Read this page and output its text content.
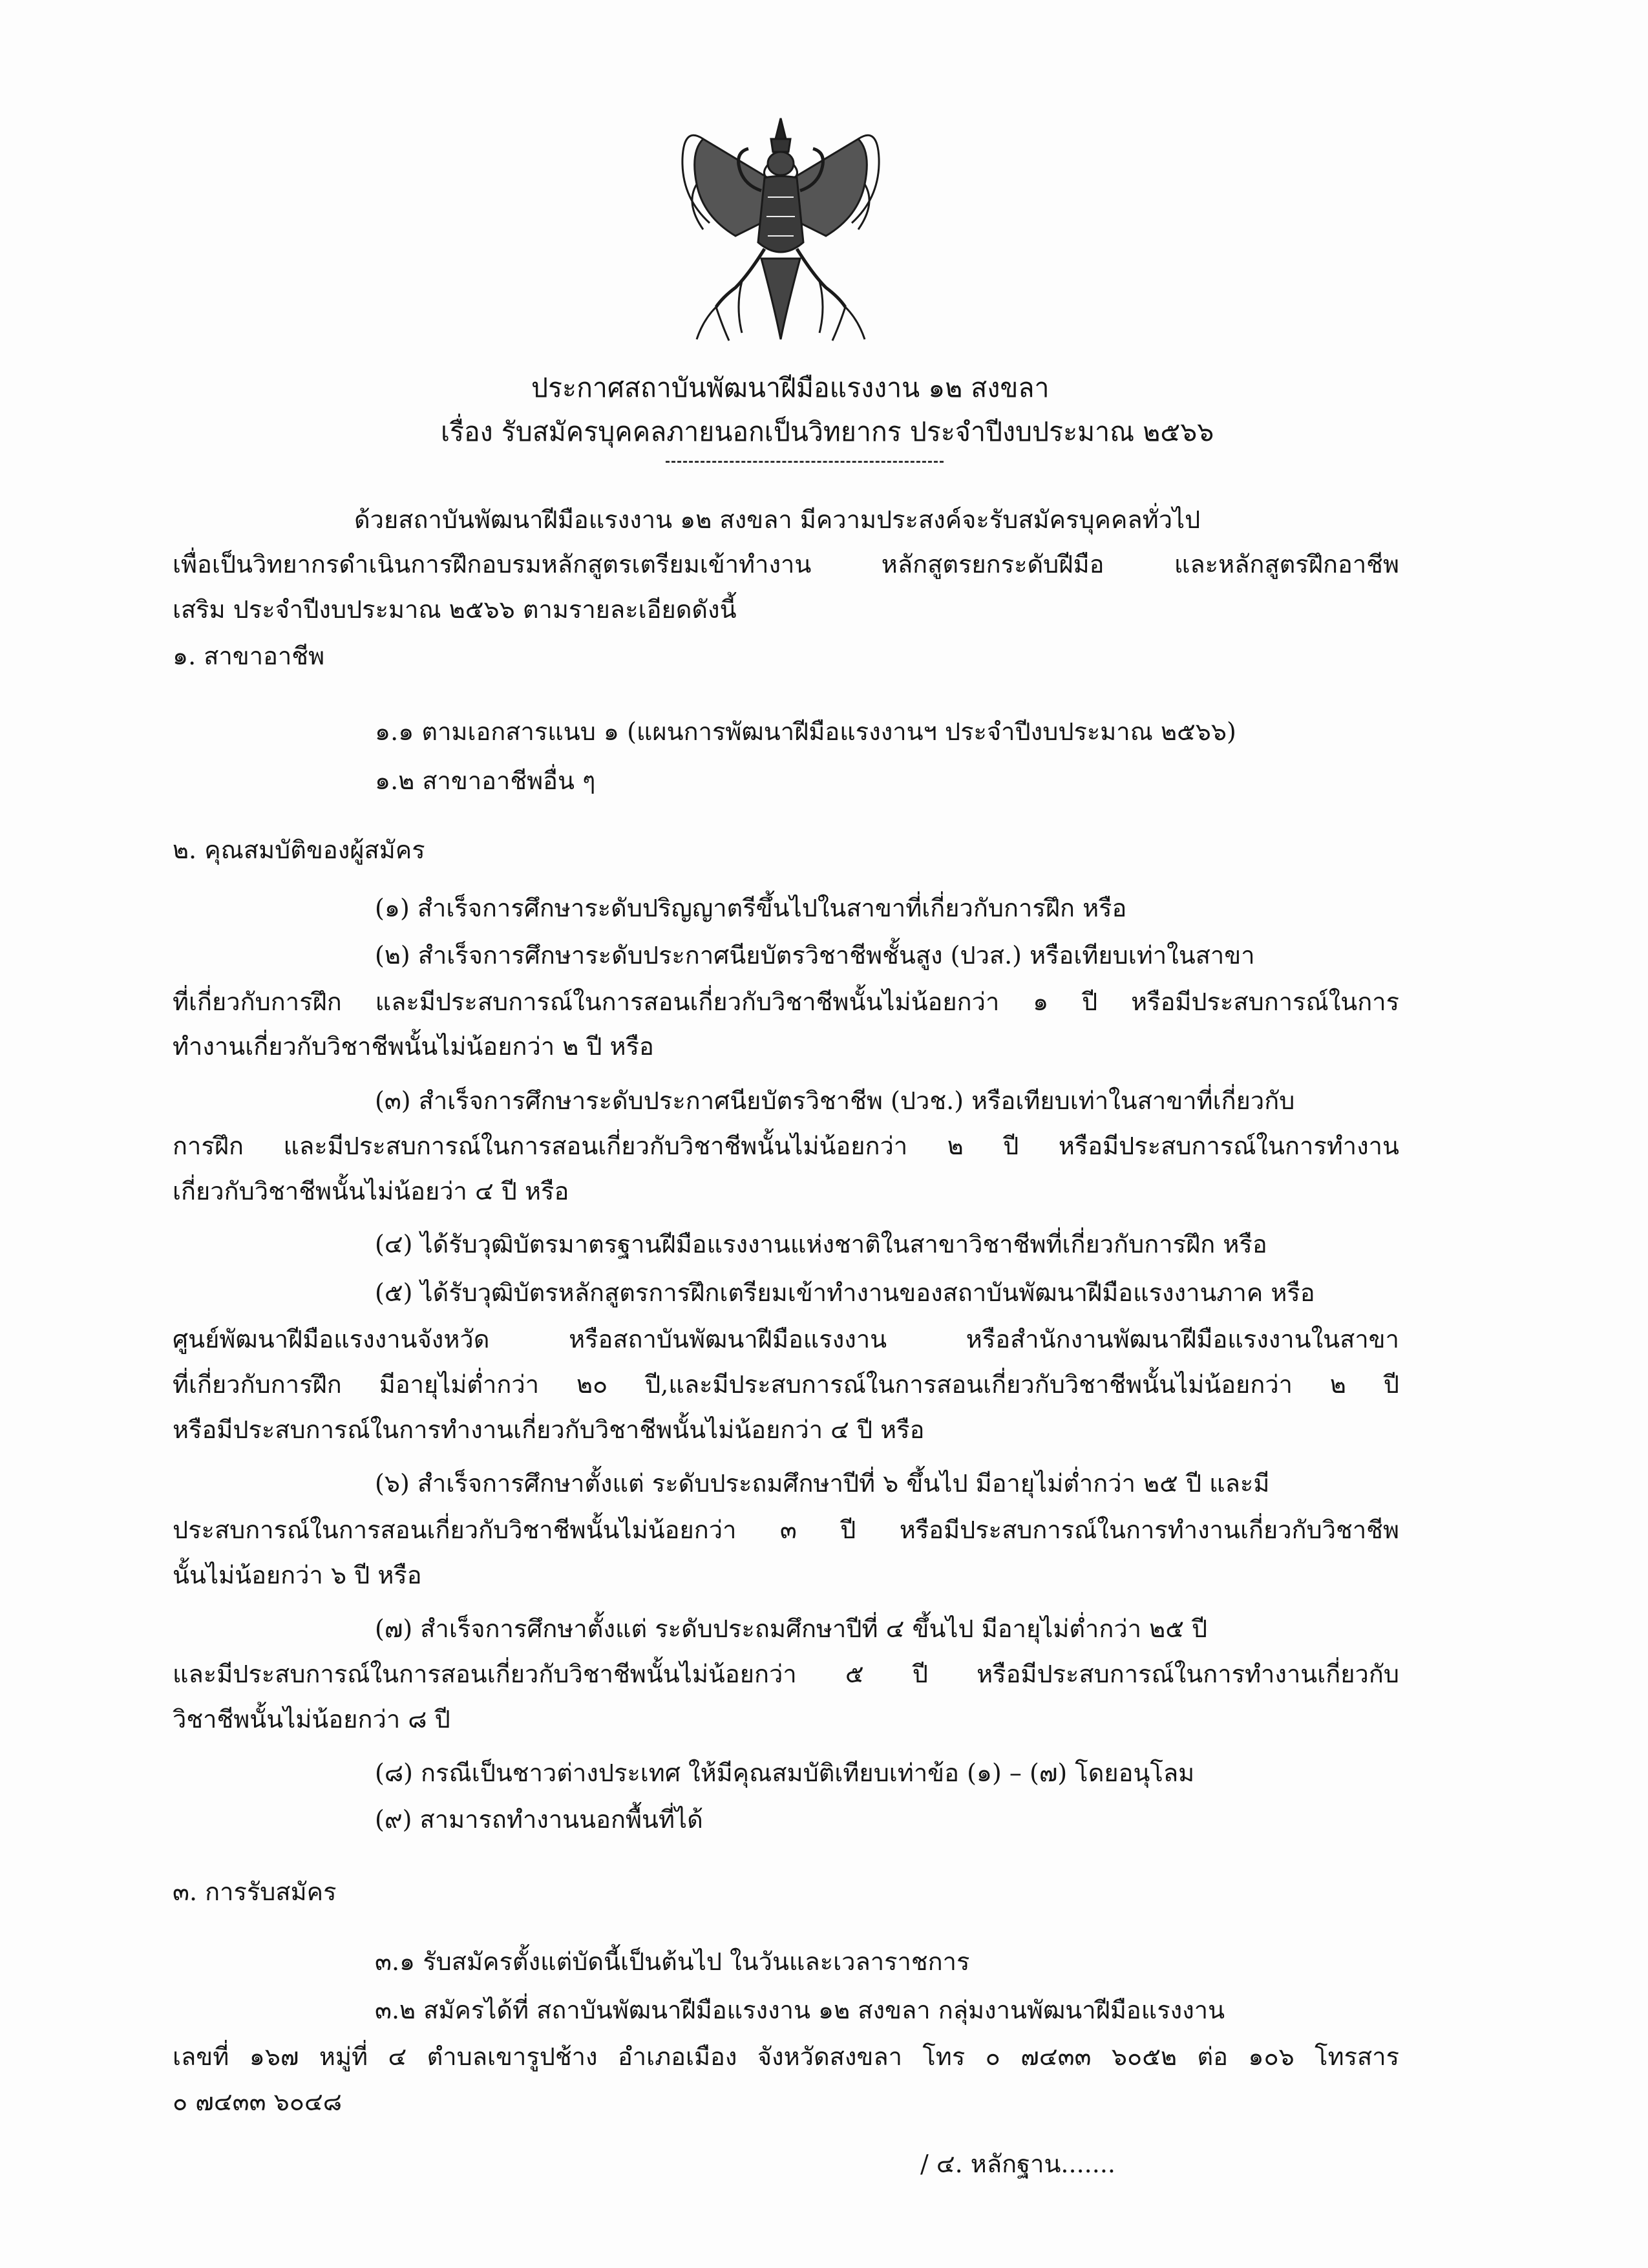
ประกาศสถาบันพัฒนาฝีมือแรงงาน ๑๒ สงขลา
เรื่อง รับสมัครบุคคลภายนอกเป็นวิทยากร ประจำปีงบประมาณ ๒๕๖๖
ด้วยสถาบันพัฒนาฝีมือแรงงาน ๑๒ สงขลา มีความประสงค์จะรับสมัครบุคคลทั่วไป
เพื่อเป็นวิทยากรดำเนินการฝึกอบรมหลักสูตรเตรียมเข้าทำงาน หลักสูตรยกระดับฝีมือ และหลักสูตรฝึกอาชีพ
เสริม ประจำปีงบประมาณ ๒๕๖๖ ตามรายละเอียดดังนี้
๑. สาขาอาชีพ
๑.๑ ตามเอกสารแนบ ๑ (แผนการพัฒนาฝีมือแรงงานฯ ประจำปีงบประมาณ ๒๕๖๖)
๑.๒ สาขาอาชีพอื่น ๆ
๒. คุณสมบัติของผู้สมัคร
(๑) สำเร็จการศึกษาระดับปริญญาตรีขึ้นไปในสาขาที่เกี่ยวกับการฝึก หรือ
(๒) สำเร็จการศึกษาระดับประกาศนียบัตรวิชาชีพชั้นสูง (ปวส.) หรือเทียบเท่าในสาขา
ที่เกี่ยวกับการฝึก และมีประสบการณ์ในการสอนเกี่ยวกับวิชาชีพนั้นไม่น้อยกว่า ๑ ปี หรือมีประสบการณ์ในการ
ทำงานเกี่ยวกับวิชาชีพนั้นไม่น้อยกว่า ๒ ปี หรือ
(๓) สำเร็จการศึกษาระดับประกาศนียบัตรวิชาชีพ (ปวช.) หรือเทียบเท่าในสาขาที่เกี่ยวกับ
การฝึก และมีประสบการณ์ในการสอนเกี่ยวกับวิชาชีพนั้นไม่น้อยกว่า ๒ ปี หรือมีประสบการณ์ในการทำงาน
เกี่ยวกับวิชาชีพนั้นไม่น้อยว่า ๔ ปี หรือ
(๔) ได้รับวุฒิบัตรมาตรฐานฝีมือแรงงานแห่งชาติในสาขาวิชาชีพที่เกี่ยวกับการฝึก หรือ
(๕) ได้รับวุฒิบัตรหลักสูตรการฝึกเตรียมเข้าทำงานของสถาบันพัฒนาฝีมือแรงงานภาค หรือ
ศูนย์พัฒนาฝีมือแรงงานจังหวัด หรือสถาบันพัฒนาฝีมือแรงงาน หรือสำนักงานพัฒนาฝีมือแรงงานในสาขา
ที่เกี่ยวกับการฝึก มีอายุไม่ต่ำกว่า ๒๐ ปี,และมีประสบการณ์ในการสอนเกี่ยวกับวิชาชีพนั้นไม่น้อยกว่า ๒ ปี
หรือมีประสบการณ์ในการทำงานเกี่ยวกับวิชาชีพนั้นไม่น้อยกว่า ๔ ปี หรือ
(๖) สำเร็จการศึกษาตั้งแต่ ระดับประถมศึกษาปีที่ ๖ ขึ้นไป มีอายุไม่ต่ำกว่า ๒๕ ปี และมี
ประสบการณ์ในการสอนเกี่ยวกับวิชาชีพนั้นไม่น้อยกว่า ๓ ปี หรือมีประสบการณ์ในการทำงานเกี่ยวกับวิชาชีพ
นั้นไม่น้อยกว่า ๖ ปี หรือ
(๗) สำเร็จการศึกษาตั้งแต่ ระดับประถมศึกษาปีที่ ๔ ขึ้นไป มีอายุไม่ต่ำกว่า ๒๕ ปี
และมีประสบการณ์ในการสอนเกี่ยวกับวิชาชีพนั้นไม่น้อยกว่า ๕ ปี หรือมีประสบการณ์ในการทำงานเกี่ยวกับ
วิชาชีพนั้นไม่น้อยกว่า ๘ ปี
(๘) กรณีเป็นชาวต่างประเทศ ให้มีคุณสมบัติเทียบเท่าข้อ (๑) – (๗) โดยอนุโลม
(๙) สามารถทำงานนอกพื้นที่ได้
๓. การรับสมัคร
๓.๑ รับสมัครตั้งแต่บัดนี้เป็นต้นไป ในวันและเวลาราชการ
๓.๒ สมัครได้ที่ สถาบันพัฒนาฝีมือแรงงาน ๑๒ สงขลา กลุ่มงานพัฒนาฝีมือแรงงาน
เลขที่ ๑๖๗ หมู่ที่ ๔ ตำบลเขารูปช้าง อำเภอเมือง จังหวัดสงขลา โทร ๐ ๗๔๓๓ ๖๐๕๒ ต่อ ๑๐๖ โทรสาร
๐ ๗๔๓๓ ๖๐๔๘
/ ๔. หลักฐาน.......
